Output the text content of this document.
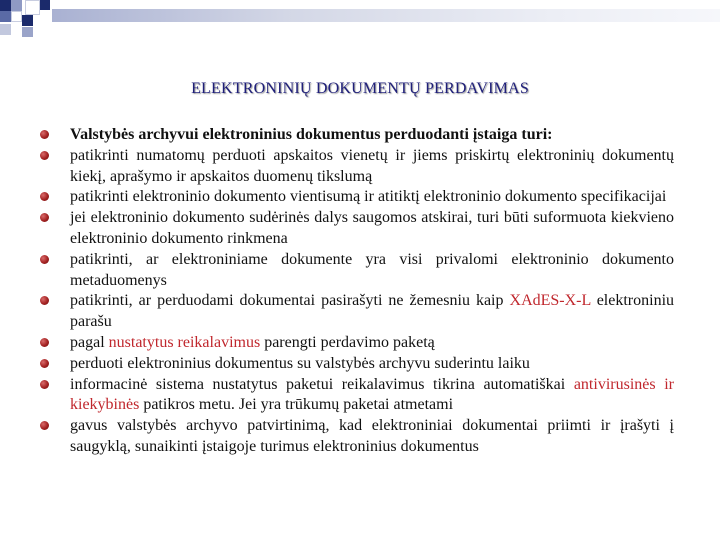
ELEKTRONINIŲ DOKUMENTŲ PERDAVIMAS
Valstybės archyvui elektroninius dokumentus perduodanti įstaiga turi:
patikrinti numatomų perduoti apskaitos vienetų ir jiems priskirtų elektroninių dokumentų kiekį, aprašymo ir apskaitos duomenų tikslumą
patikrinti elektroninio dokumento vientisumą ir atitiktį elektroninio dokumento specifikacijai
jei elektroninio dokumento sudėrinės dalys saugomos atskirai, turi būti suformuota kiekvieno elektroninio dokumento rinkmena
patikrinti, ar elektroniniame dokumente yra visi privalomi elektroninio dokumento metaduomenys
patikrinti, ar perduodami dokumentai pasirašyti ne žemesniu kaip XAdES-X-L elektroniniu parašu
pagal nustatytus reikalavimus parengti perdavimo paketą
perduoti elektroninius dokumentus su valstybės archyvu suderintu laiku
informacinė sistema nustatytus paketui reikalavimus tikrina automatiškai antivirusinės ir kiekybinės patikros metu. Jei yra trūkumų paketai atmetami
gavus valstybės archyvo patvirtinimą, kad elektroniniai dokumentai priimti ir įrašyti į saugyklą, sunaikinti įstaigoje turimus elektroninius dokumentus
